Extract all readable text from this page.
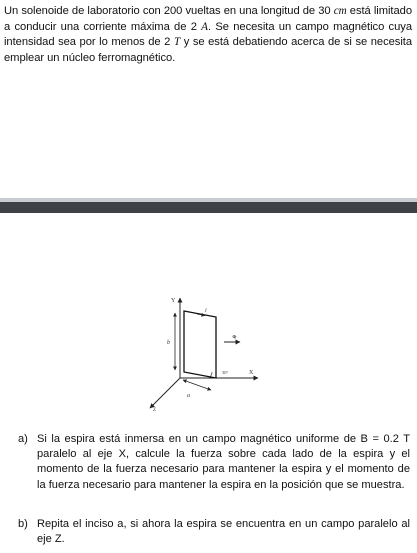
Un solenoide de laboratorio con 200 vueltas en una longitud de 30 cm está limitado a conducir una corriente máxima de 2 A. Se necesita un campo magnético cuya intensidad sea por lo menos de 2 T y se está debatiendo acerca de si se necesita emplear un núcleo ferromagnético.
Y
X
Z
i
B
b
a
30°
a) Si la espira está inmersa en un campo magnético uniforme de B = 0.2 T paralelo al eje X, calcule la fuerza sobre cada lado de la espira y el momento de la fuerza necesario para mantener la espira y el momento de la fuerza necesario para mantener la espira en la posición que se muestra.
b) Repita el inciso a, si ahora la espira se encuentra en un campo paralelo al eje Z.
